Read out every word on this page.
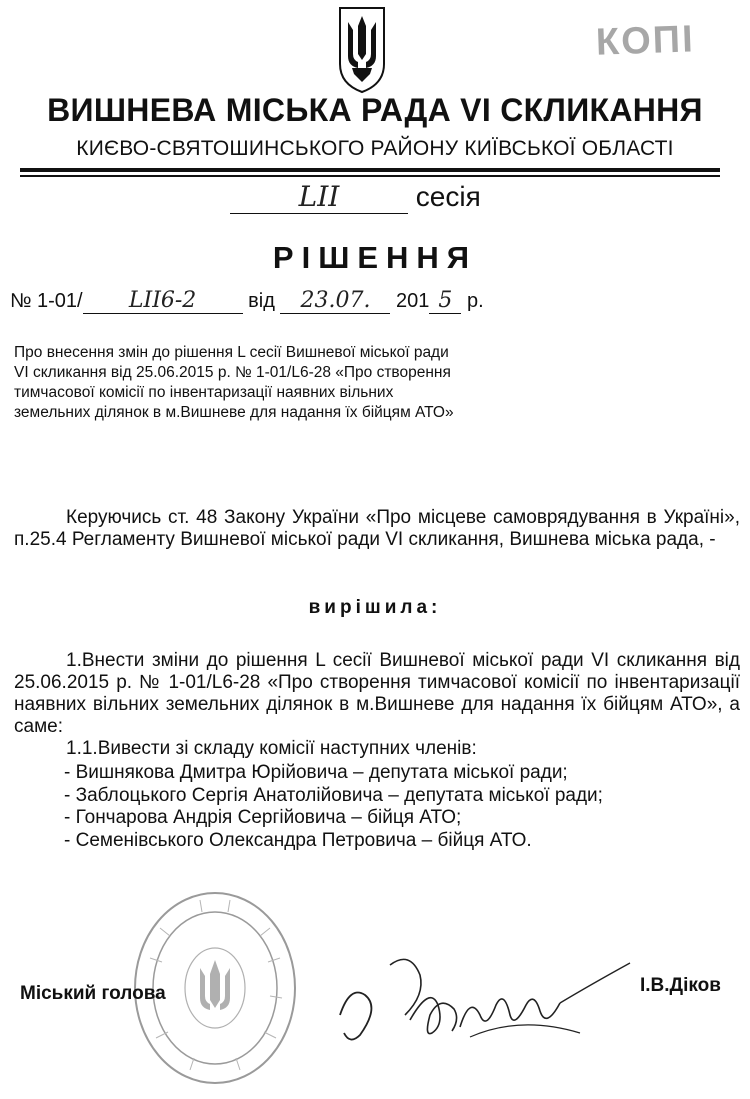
КОПІ
ВИШНЕВА МІСЬКА РАДА VI СКЛИКАННЯ
КИЄВО-СВЯТОШИНСЬКОГО РАЙОНУ КИЇВСЬКОЇ ОБЛАСТІ
LII	сесія
РІШЕННЯ
№ 1-01/ LII6-2	від 23.07. 201 5 р.
Про внесення змін до рішення L сесії Вишневої міської ради VI скликання від 25.06.2015 р. № 1-01/L6-28 «Про створення тимчасової комісії по інвентаризації наявних вільних земельних ділянок в м.Вишневе для надання їх бійцям АТО»
Керуючись ст. 48 Закону України «Про місцеве самоврядування в Україні», п.25.4 Регламенту Вишневої міської ради VI скликання, Вишнева міська рада, -
вирішила:
1.Внести зміни до рішення L сесії Вишневої міської ради VI скликання від 25.06.2015 р. № 1-01/L6-28 «Про створення тимчасової комісії по інвентаризації наявних вільних земельних ділянок в м.Вишневе для надання їх бійцям АТО», а саме:
1.1.Вивести зі складу комісії наступних членів:
- Вишнякова Дмитра Юрійовича – депутата міської ради;
- Заблоцького Сергія Анатолійовича – депутата міської ради;
- Гончарова Андрія Сергійовича – бійця АТО;
- Семенівського Олександра Петровича – бійця АТО.
Міський голова	І.В.Діков
